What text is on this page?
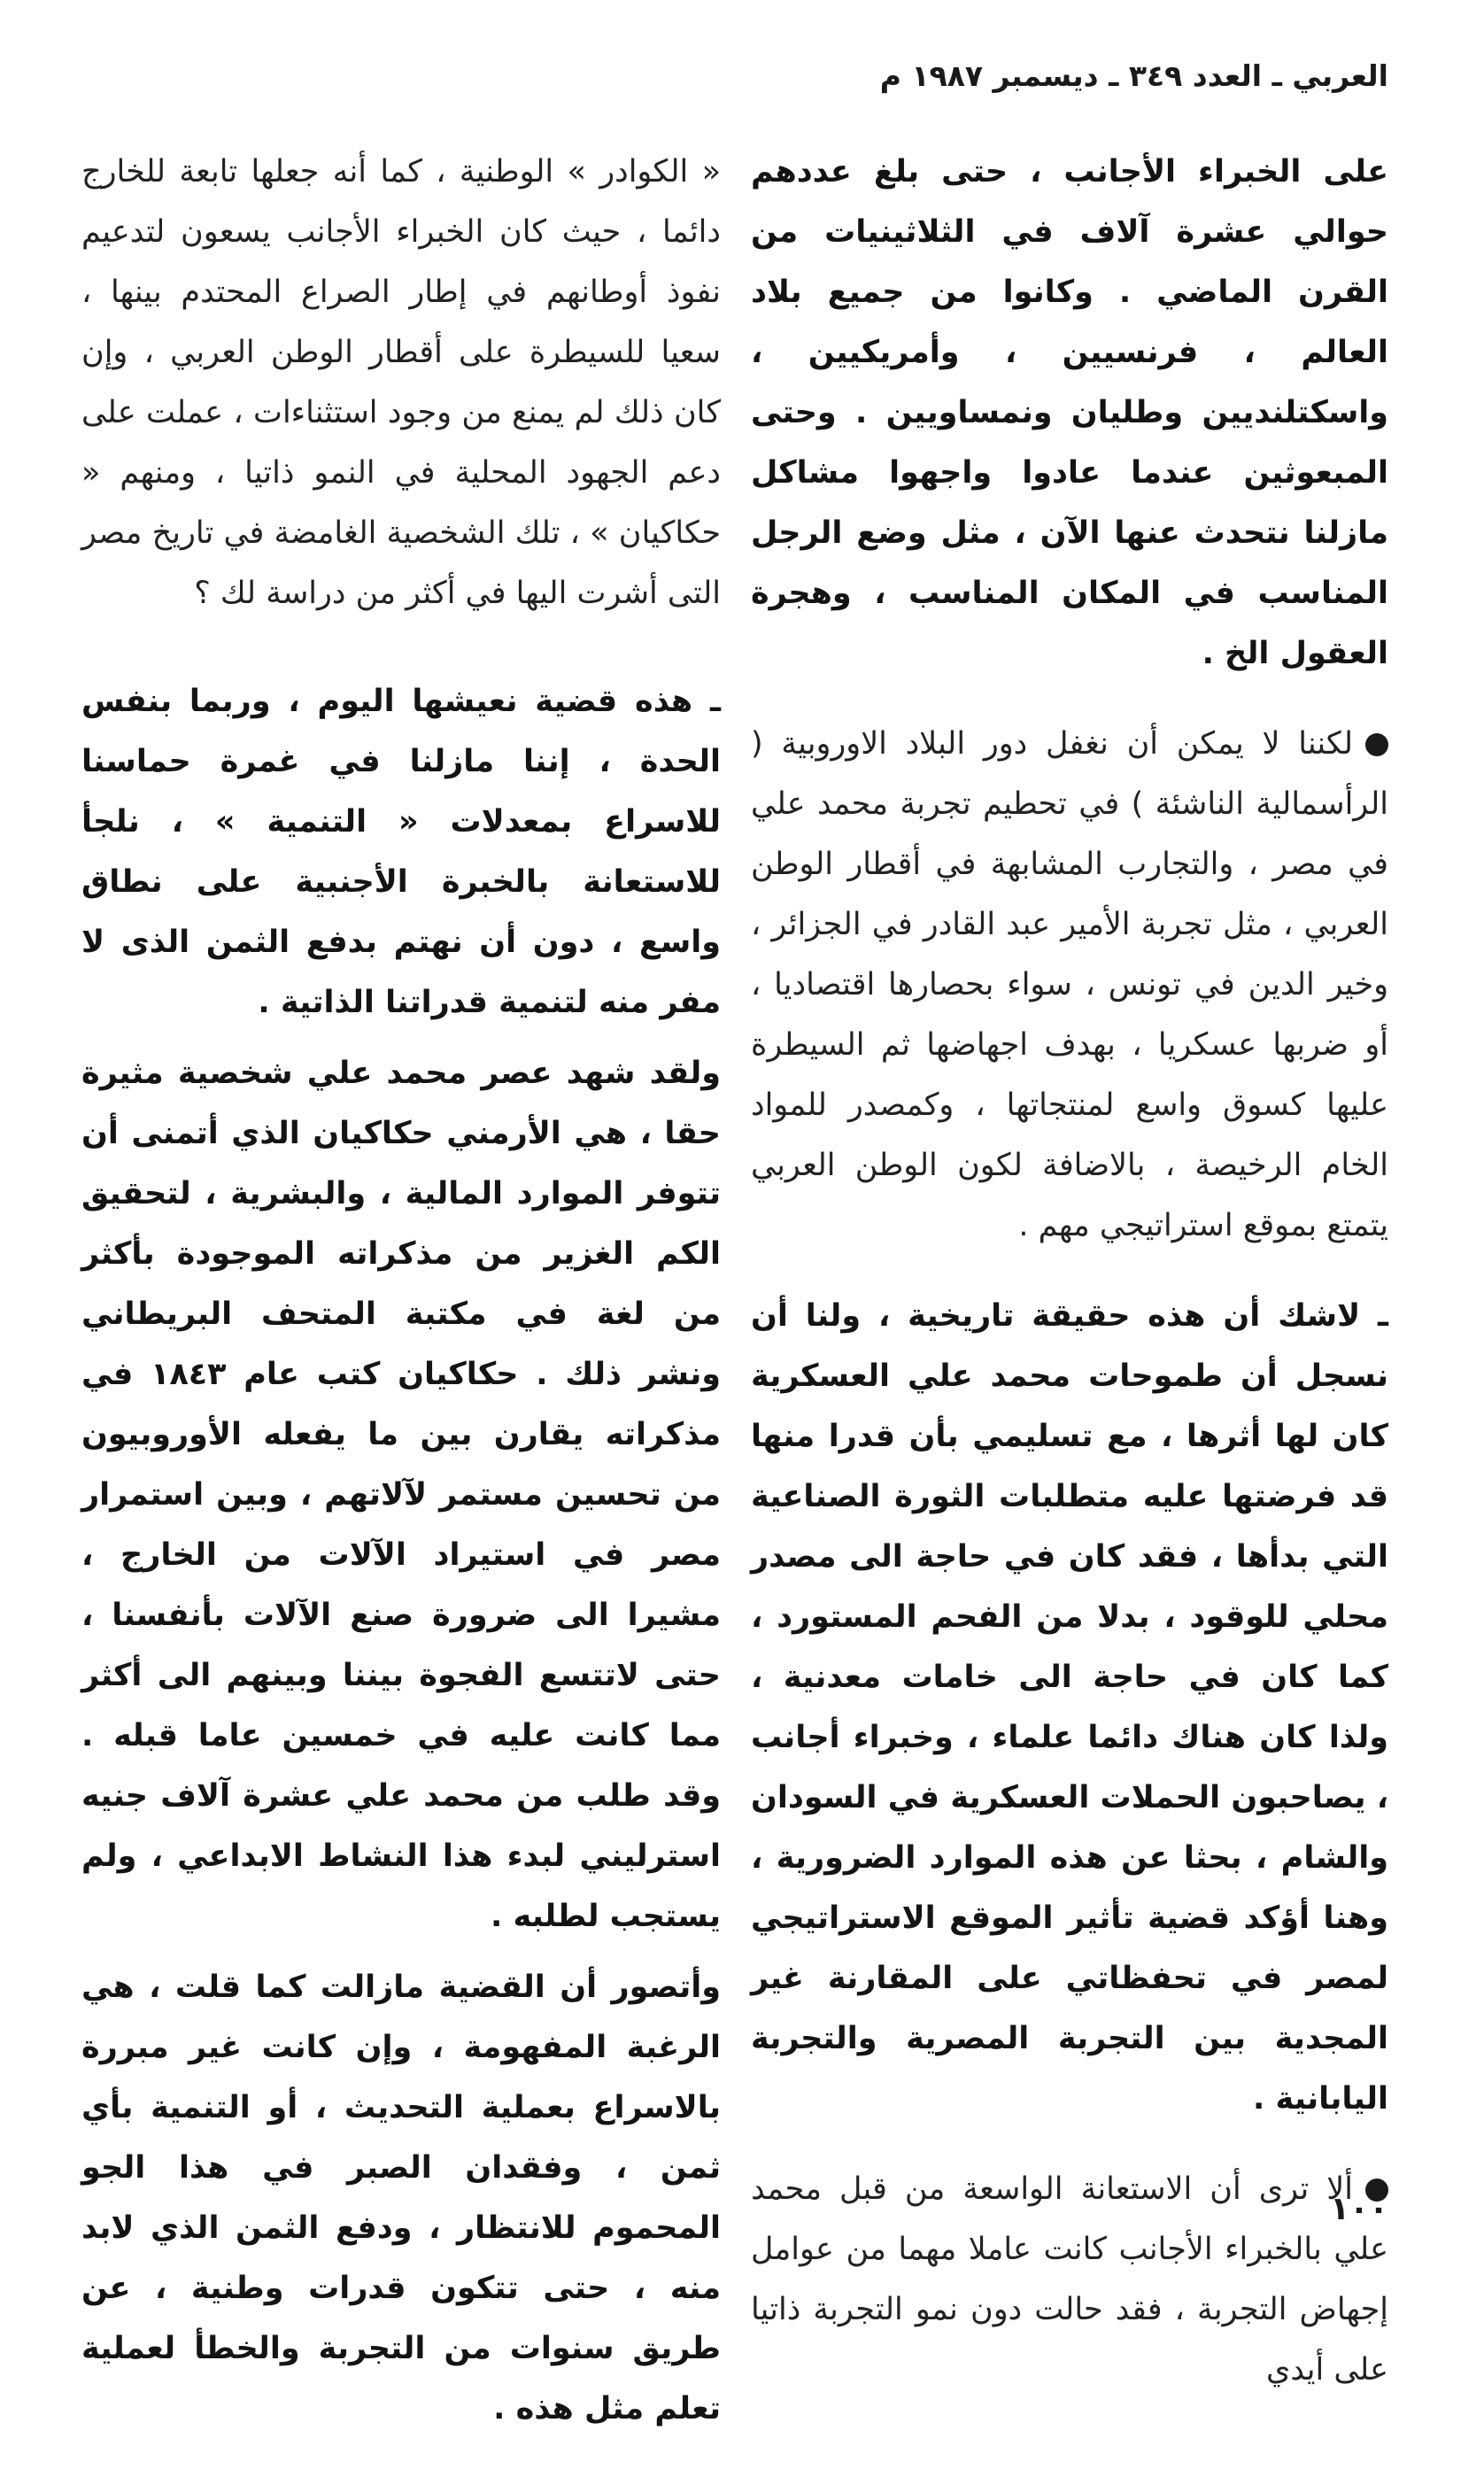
العربي ـ العدد ٣٤٩ ـ ديسمبر ١٩٨٧ م

على الخبراء الأجانب ، حتى بلغ عددهم حوالي عشرة آلاف في الثلاثينيات من القرن الماضي . وكانوا من جميع بلاد العالم ، فرنسيين ، وأمريكيين ، واسكتلنديين وطليان ونمساويين . وحتى المبعوثين عندما عادوا واجهوا مشاكل مازلنا نتحدث عنها الآن ، مثل وضع الرجل المناسب في المكان المناسب ، وهجرة العقول الخ .

لكننا لا يمكن أن نغفل دور البلاد الاوروبية ( الرأسمالية الناشئة ) في تحطيم تجربة محمد علي في مصر ، والتجارب المشابهة في أقطار الوطن العربي ، مثل تجربة الأمير عبد القادر في الجزائر ، وخير الدين في تونس ، سواء بحصارها اقتصاديا ، أو ضربها عسكريا ، بهدف اجهاضها ثم السيطرة عليها كسوق واسع لمنتجاتها ، وكمصدر للمواد الخام الرخيصة ، بالاضافة لكون الوطن العربي يتمتع بموقع استراتيجي مهم .

ـ لاشك أن هذه حقيقة تاريخية ، ولنا أن نسجل أن طموحات محمد علي العسكرية كان لها أثرها ، مع تسليمي بأن قدرا منها قد فرضتها عليه متطلبات الثورة الصناعية التي بدأها ، فقد كان في حاجة الى مصدر محلي للوقود ، بدلا من الفحم المستورد ، كما كان في حاجة الى خامات معدنية ، ولذا كان هناك دائما علماء ، وخبراء أجانب ، يصاحبون الحملات العسكرية في السودان والشام ، بحثا عن هذه الموارد الضرورية ، وهنا أؤكد قضية تأثير الموقع الاستراتيجي لمصر في تحفظاتي على المقارنة غير المجدية بين التجربة المصرية والتجربة اليابانية .

ألا ترى أن الاستعانة الواسعة من قبل محمد علي بالخبراء الأجانب كانت عاملا مهما من عوامل إجهاض التجربة ، فقد حالت دون نمو التجربة ذاتيا على أيدي

« الكوادر » الوطنية ، كما أنه جعلها تابعة للخارج دائما ، حيث كان الخبراء الأجانب يسعون لتدعيم نفوذ أوطانهم في إطار الصراع المحتدم بينها ، سعيا للسيطرة على أقطار الوطن العربي ، وإن كان ذلك لم يمنع من وجود استثناءات ، عملت على دعم الجهود المحلية في النمو ذاتيا ، ومنهم « حكاكيان » ، تلك الشخصية الغامضة في تاريخ مصر التى أشرت اليها في أكثر من دراسة لك ؟

ـ هذه قضية نعيشها اليوم ، وربما بنفس الحدة ، إننا مازلنا في غمرة حماسنا للاسراع بمعدلات « التنمية » ، نلجأ للاستعانة بالخبرة الأجنبية على نطاق واسع ، دون أن نهتم بدفع الثمن الذى لا مفر منه لتنمية قدراتنا الذاتية .

ولقد شهد عصر محمد علي شخصية مثيرة حقا ، هي الأرمني حكاكيان الذي أتمنى أن تتوفر الموارد المالية ، والبشرية ، لتحقيق الكم الغزير من مذكراته الموجودة بأكثر من لغة في مكتبة المتحف البريطاني ونشر ذلك . حكاكيان كتب عام ١٨٤٣ في مذكراته يقارن بين ما يفعله الأوروبيون من تحسين مستمر لآلاتهم ، وبين استمرار مصر في استيراد الآلات من الخارج ، مشيرا الى ضرورة صنع الآلات بأنفسنا ، حتى لاتتسع الفجوة بيننا وبينهم الى أكثر مما كانت عليه في خمسين عاما قبله . وقد طلب من محمد علي عشرة آلاف جنيه استرليني لبدء هذا النشاط الابداعي ، ولم يستجب لطلبه .

وأتصور أن القضية مازالت كما قلت ، هي الرغبة المفهومة ، وإن كانت غير مبررة بالاسراع بعملية التحديث ، أو التنمية بأي ثمن ، وفقدان الصبر في هذا الجو المحموم للانتظار ، ودفع الثمن الذي لابد منه ، حتى تتكون قدرات وطنية ، عن طريق سنوات من التجربة والخطأ لعملية تعلم مثل هذه .

١٠٠
